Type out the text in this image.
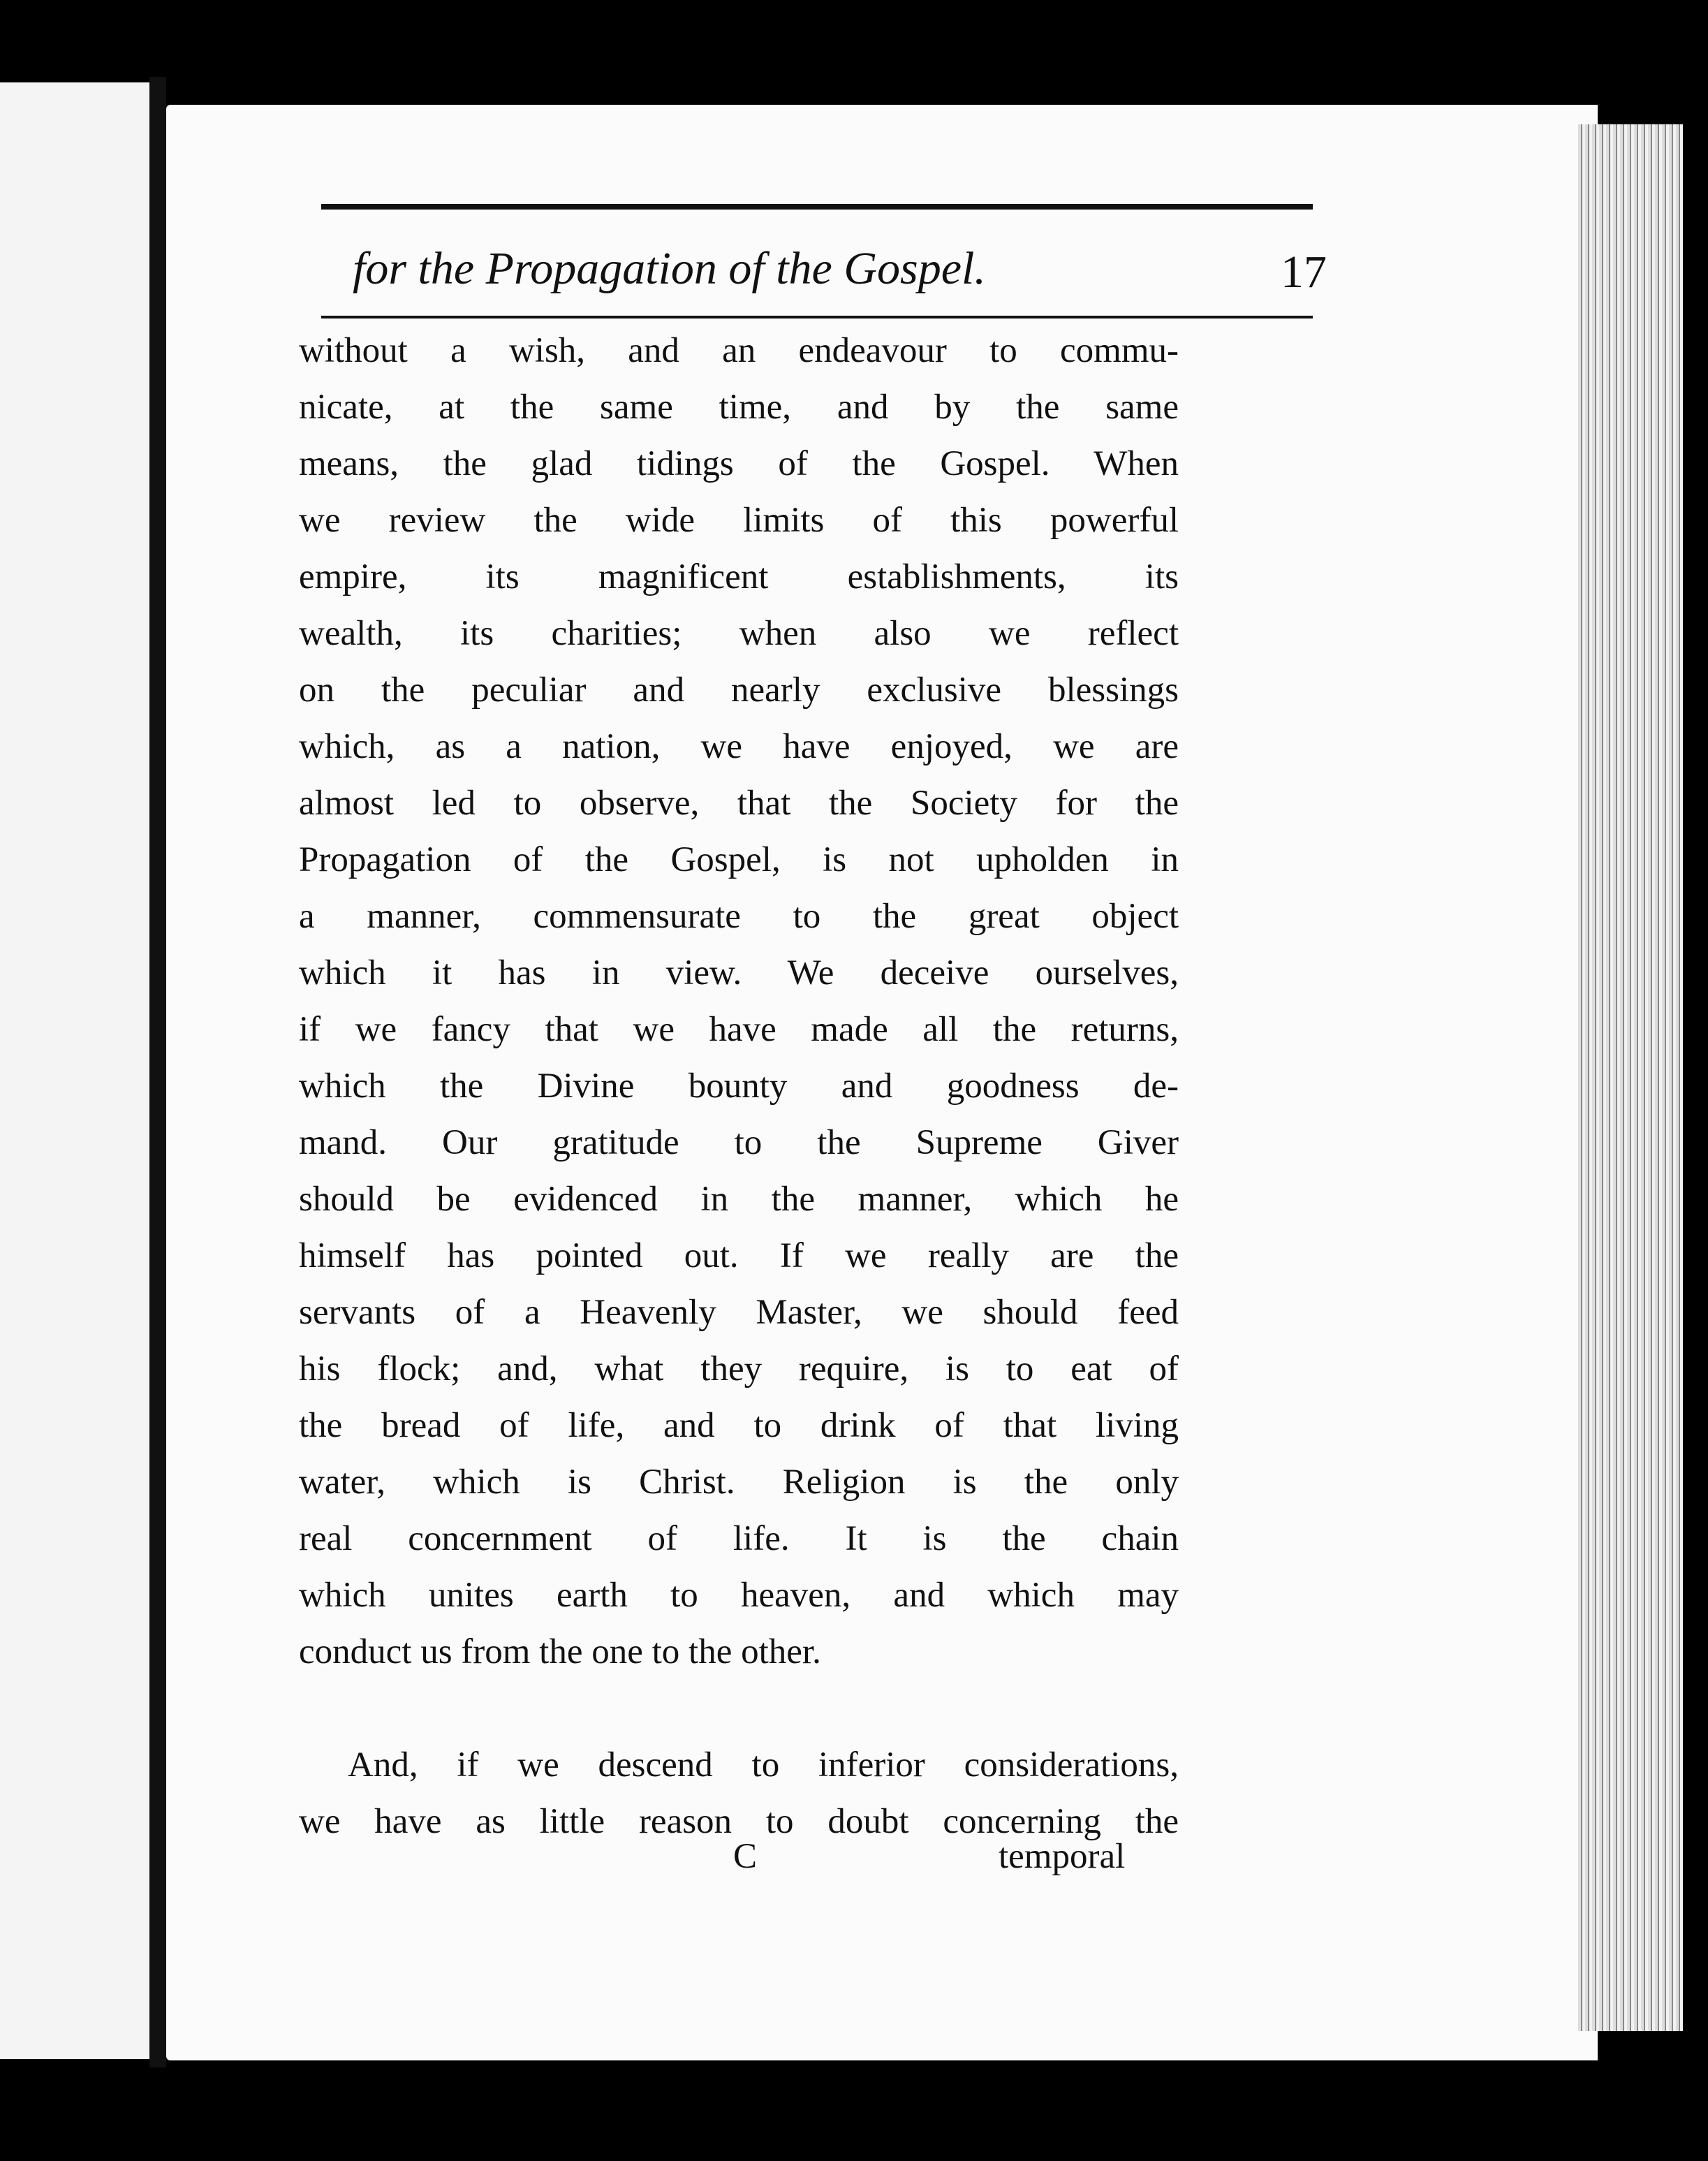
for the Propagation of the Gospel.	17
without a wish, and an endeavour to commu-
nicate, at the same time, and by the same
means, the glad tidings of the Gospel. When
we review the wide limits of this powerful
empire, its magnificent establishments, its
wealth, its charities; when also we reflect
on the peculiar and nearly exclusive blessings
which, as a nation, we have enjoyed, we are
almost led to observe, that the Society for the
Propagation of the Gospel, is not upholden in
a manner, commensurate to the great object
which it has in view. We deceive ourselves,
if we fancy that we have made all the returns,
which the Divine bounty and goodness de-
mand. Our gratitude to the Supreme Giver
should be evidenced in the manner, which he
himself has pointed out. If we really are the
servants of a Heavenly Master, we should feed
his flock; and, what they require, is to eat of
the bread of life, and to drink of that living
water, which is Christ. Religion is the only
real concernment of life. It is the chain
which unites earth to heaven, and which may
conduct us from the one to the other.
And, if we descend to inferior considerations,
we have as little reason to doubt concerning the
C	temporal
